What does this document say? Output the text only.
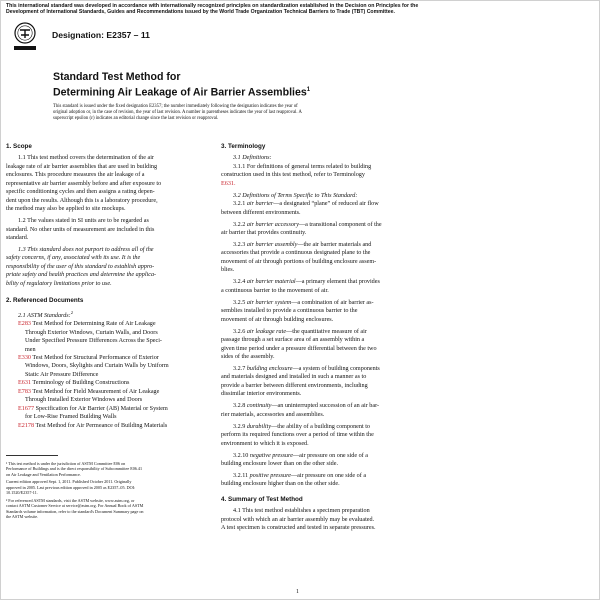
This international standard was developed in accordance with internationally recognized principles on standardization established in the Decision on Principles for the
Development of International Standards, Guides and Recommendations issued by the World Trade Organization Technical Barriers to Trade (TBT) Committee.
Designation: E2357 – 11
Standard Test Method for
Determining Air Leakage of Air Barrier Assemblies$^1$
This standard is issued under the fixed designation E2357; the number immediately following the designation indicates the year of
original adoption or, in the case of revision, the year of last revision. A number in parentheses indicates the year of last reapproval. A
superscript epsilon (ε) indicates an editorial change since the last revision or reapproval.
1. Scope
1.1 This test method covers the determination of the air
leakage rate of air barrier assemblies that are used in building
enclosures. This procedure measures the air leakage of a
representative air barrier assembly before and after exposure to
specific conditioning cycles and then assigns a rating depen-
dent upon the results. Although this is a laboratory procedure,
the method may also be applied to site mockups.
1.2 The values stated in SI units are to be regarded as
standard. No other units of measurement are included in this
standard.
1.3 This standard does not purport to address all of the
safety concerns, if any, associated with its use. It is the
responsibility of the user of this standard to establish appro-
priate safety and health practices and determine the applica-
bility of regulatory limitations prior to use.
2. Referenced Documents
2.1 ASTM Standards:$^2$
E283 Test Method for Determining Rate of Air Leakage
Through Exterior Windows, Curtain Walls, and Doors
Under Specified Pressure Differences Across the Speci-
men
E330 Test Method for Structural Performance of Exterior
Windows, Doors, Skylights and Curtain Walls by Uniform
Static Air Pressure Difference
E631 Terminology of Building Constructions
E783 Test Method for Field Measurement of Air Leakage
Through Installed Exterior Windows and Doors
E1677 Specification for Air Barrier (AB) Material or System
for Low-Rise Framed Building Walls
E2178 Test Method for Air Permeance of Building Materials
¹ This test method is under the jurisdiction of ASTM Committee E06 on
Performance of Buildings and is the direct responsibility of Subcommittee E06.41
on Air Leakage and Ventilation Performance.
Current edition approved Sept. 1, 2011. Published October 2011. Originally
approved in 2005. Last previous edition approved in 2005 as E2357–05. DOI:
10.1520/E2357-11.
² For referenced ASTM standards, visit the ASTM website, www.astm.org, or
contact ASTM Customer Service at service@astm.org. For Annual Book of ASTM
Standards volume information, refer to the standard's Document Summary page on
the ASTM website.
3. Terminology
3.1 Definitions:
3.1.1 For definitions of general terms related to building
construction used in this test method, refer to Terminology
E631.
3.2 Definitions of Terms Specific to This Standard:
3.2.1 air barrier—a designated “plane” of reduced air flow
between different environments.
3.2.2 air barrier accessory—a transitional component of the
air barrier that provides continuity.
3.2.3 air barrier assembly—the air barrier materials and
accessories that provide a continuous designated plane to the
movement of air through portions of building enclosure assem-
blies.
3.2.4 air barrier material—a primary element that provides
a continuous barrier to the movement of air.
3.2.5 air barrier system—a combination of air barrier as-
semblies installed to provide a continuous barrier to the
movement of air through building enclosures.
3.2.6 air leakage rate—the quantitative measure of air
passage through a set surface area of an assembly within a
given time period under a pressure differential between the two
sides of the assembly.
3.2.7 building enclosure—a system of building components
and materials designed and installed in such a manner as to
provide a barrier between different environments, including
dissimilar interior environments.
3.2.8 continuity—an uninterrupted succession of an air bar-
rier materials, accessories and assemblies.
3.2.9 durability—the ability of a building component to
perform its required functions over a period of time within the
environment to which it is exposed.
3.2.10 negative pressure—air pressure on one side of a
building enclosure lower than on the other side.
3.2.11 positive pressure—air pressure on one side of a
building enclosure higher than on the other side.
4. Summary of Test Method
4.1 This test method establishes a specimen preparation
protocol with which an air barrier assembly may be evaluated.
A test specimen is constructed and tested in separate pressures.
1
